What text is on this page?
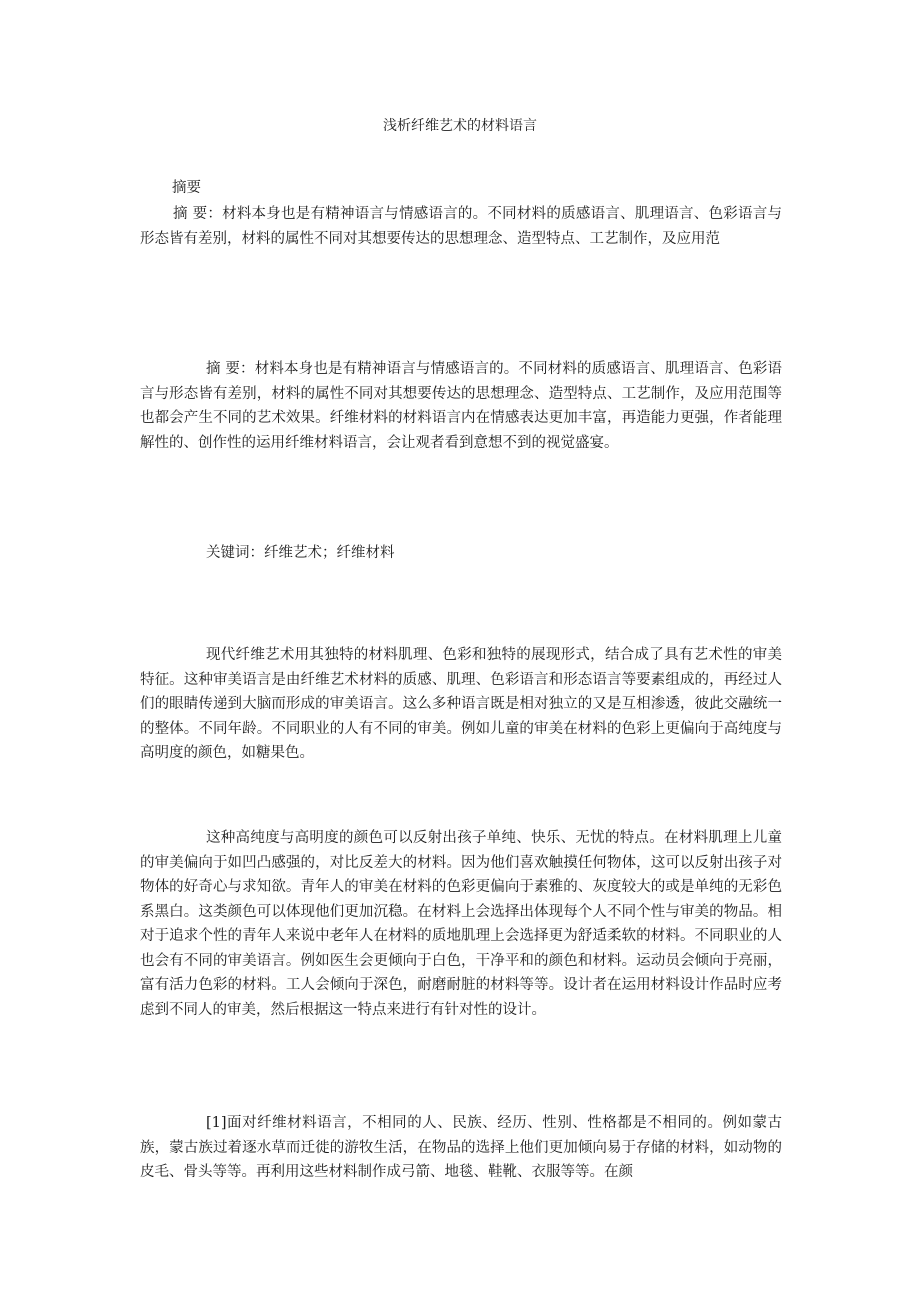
浅析纤维艺术的材料语言
摘要

摘 要：材料本身也是有精神语言与情感语言的。不同材料的质感语言、肌理语言、色彩语言与形态皆有差别，材料的属性不同对其想要传达的思想理念、造型特点、工艺制作，及应用范

摘 要：材料本身也是有精神语言与情感语言的。不同材料的质感语言、肌理语言、色彩语言与形态皆有差别，材料的属性不同对其想要传达的思想理念、造型特点、工艺制作，及应用范围等也都会产生不同的艺术效果。纤维材料的材料语言内在情感表达更加丰富，再造能力更强，作者能理解性的、创作性的运用纤维材料语言，会让观者看到意想不到的视觉盛宴。

关键词：纤维艺术；纤维材料

现代纤维艺术用其独特的材料肌理、色彩和独特的展现形式，结合成了具有艺术性的审美特征。这种审美语言是由纤维艺术材料的质感、肌理、色彩语言和形态语言等要素组成的，再经过人们的眼睛传递到大脑而形成的审美语言。这么多种语言既是相对独立的又是互相渗透，彼此交融统一的整体。不同年龄。不同职业的人有不同的审美。例如儿童的审美在材料的色彩上更偏向于高纯度与高明度的颜色，如糖果色。

这种高纯度与高明度的颜色可以反射出孩子单纯、快乐、无忧的特点。在材料肌理上儿童的审美偏向于如凹凸感强的，对比反差大的材料。因为他们喜欢触摸任何物体，这可以反射出孩子对物体的好奇心与求知欲。青年人的审美在材料的色彩更偏向于素雅的、灰度较大的或是单纯的无彩色系黑白。这类颜色可以体现他们更加沉稳。在材料上会选择出体现每个人不同个性与审美的物品。相对于追求个性的青年人来说中老年人在材料的质地肌理上会选择更为舒适柔软的材料。不同职业的人也会有不同的审美语言。例如医生会更倾向于白色，干净平和的颜色和材料。运动员会倾向于亮丽，富有活力色彩的材料。工人会倾向于深色，耐磨耐脏的材料等等。设计者在运用材料设计作品时应考虑到不同人的审美，然后根据这一特点来进行有针对性的设计。

[1]面对纤维材料语言，不相同的人、民族、经历、性别、性格都是不相同的。例如蒙古族，蒙古族过着逐水草而迁徙的游牧生活，在物品的选择上他们更加倾向易于存储的材料，如动物的皮毛、骨头等等。再利用这些材料制作成弓箭、地毯、鞋靴、衣服等等。在颜
